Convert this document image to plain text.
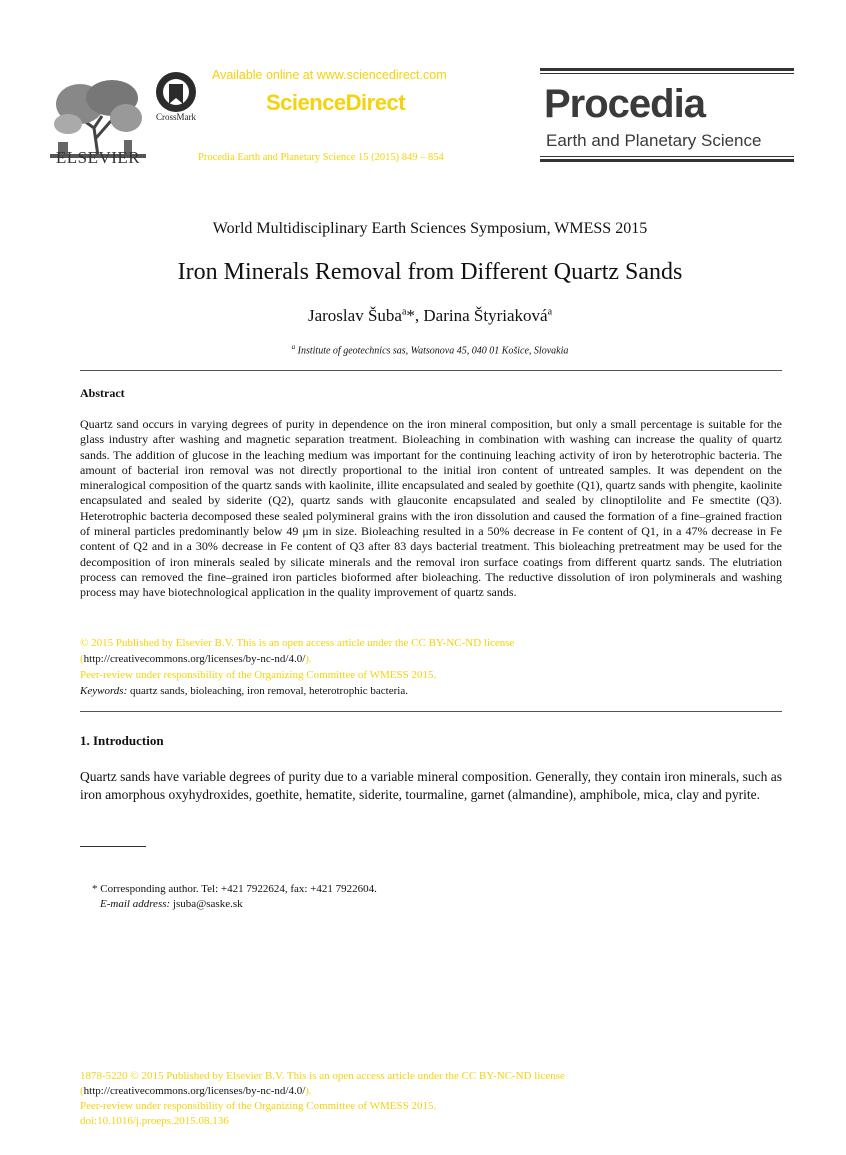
ELSEVIER
CrossMark
Available online at www.sciencedirect.com
ScienceDirect
Procedia Earth and Planetary Science 15 (2015) 849 – 854
Procedia
Earth and Planetary Science
World Multidisciplinary Earth Sciences Symposium, WMESS 2015
Iron Minerals Removal from Different Quartz Sands
Jaroslav Šuba$^a$*, Darina Štyriaková$^a$
$^a$ Institute of geotechnics sas, Watsonova 45, 040 01 Košice, Slovakia
Abstract
Quartz sand occurs in varying degrees of purity in dependence on the iron mineral composition, but only a small percentage is suitable for the glass industry after washing and magnetic separation treatment. Bioleaching in combination with washing can increase the quality of quartz sands. The addition of glucose in the leaching medium was important for the continuing leaching activity of iron by heterotrophic bacteria. The amount of bacterial iron removal was not directly proportional to the initial iron content of untreated samples. It was dependent on the mineralogical composition of the quartz sands with kaolinite, illite encapsulated and sealed by goethite (Q1), quartz sands with phengite, kaolinite encapsulated and sealed by siderite (Q2), quartz sands with glauconite encapsulated and sealed by clinoptilolite and Fe smectite (Q3). Heterotrophic bacteria decomposed these sealed polymineral grains with the iron dissolution and caused the formation of a fine–grained fraction of mineral particles predominantly below 49 μm in size. Bioleaching resulted in a 50% decrease in Fe content of Q1, in a 47% decrease in Fe content of Q2 and in a 30% decrease in Fe content of Q3 after 83 days bacterial treatment. This bioleaching pretreatment may be used for the decomposition of iron minerals sealed by silicate minerals and the removal iron surface coatings from different quartz sands. The elutriation process can removed the fine–grained iron particles bioformed after bioleaching. The reductive dissolution of iron polyminerals and washing process may have biotechnological application in the quality improvement of quartz sands.
© 2015 Published by Elsevier B.V. This is an open access article under the CC BY-NC-ND license
(http://creativecommons.org/licenses/by-nc-nd/4.0/).
Peer-review under responsibility of the Organizing Committee of WMESS 2015.
Keywords: quartz sands, bioleaching, iron removal, heterotrophic bacteria.
1. Introduction
Quartz sands have variable degrees of purity due to a variable mineral composition. Generally, they contain iron minerals, such as iron amorphous oxyhydroxides, goethite, hematite, siderite, tourmaline, garnet (almandine), amphibole, mica, clay and pyrite.
* Corresponding author. Tel: +421 7922624, fax: +421 7922604.
E-mail address: jsuba@saske.sk
1878-5220 © 2015 Published by Elsevier B.V. This is an open access article under the CC BY-NC-ND license
(http://creativecommons.org/licenses/by-nc-nd/4.0/).
Peer-review under responsibility of the Organizing Committee of WMESS 2015.
doi:10.1016/j.proeps.2015.08.136
